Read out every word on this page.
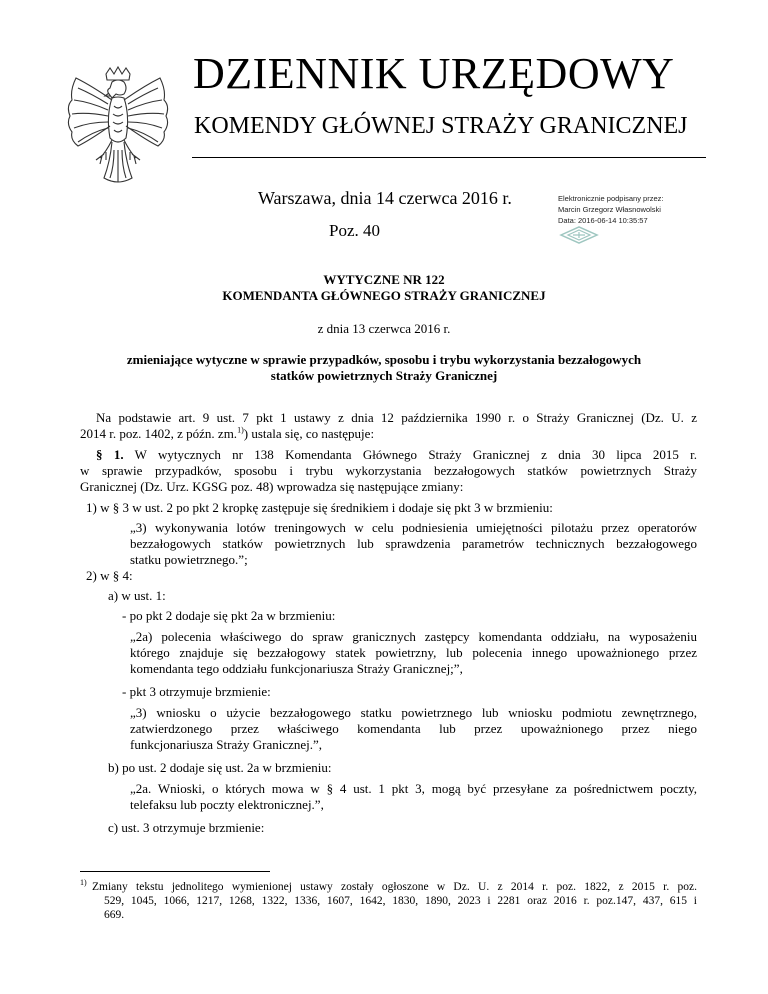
DZIENNIK URZĘDOWY
KOMENDY GŁÓWNEJ STRAŻY GRANICZNEJ
Warszawa, dnia 14 czerwca 2016 r.
Poz. 40
Elektronicznie podpisany przez:
Marcin Grzegorz Własnowolski
Data: 2016-06-14 10:35:57
WYTYCZNE NR 122
KOMENDANTA GŁÓWNEGO STRAŻY GRANICZNEJ
z dnia 13 czerwca 2016 r.
zmieniające wytyczne w sprawie przypadków, sposobu i trybu wykorzystania bezzałogowych
statków powietrznych Straży Granicznej
Na podstawie art. 9 ust. 7 pkt 1 ustawy z dnia 12 października 1990 r. o Straży Granicznej (Dz. U. z
2014 r. poz. 1402, z późn. zm.$^{1)}$) ustala się, co następuje:
§ 1. W wytycznych nr 138 Komendanta Głównego Straży Granicznej z dnia 30 lipca 2015 r.
w sprawie przypadków, sposobu i trybu wykorzystania bezzałogowych statków powietrznych Straży
Granicznej (Dz. Urz. KGSG poz. 48) wprowadza się następujące zmiany:
1) w § 3 w ust. 2 po pkt 2 kropkę zastępuje się średnikiem i dodaje się pkt 3 w brzmieniu:
„3) wykonywania lotów treningowych w celu podniesienia umiejętności pilotażu przez operatorów
bezzałogowych statków powietrznych lub sprawdzenia parametrów technicznych bezzałogowego
statku powietrznego.”;
2) w § 4:
a) w ust. 1:
- po pkt 2 dodaje się pkt 2a w brzmieniu:
„2a) polecenia właściwego do spraw granicznych zastępcy komendanta oddziału, na wyposażeniu
którego znajduje się bezzałogowy statek powietrzny, lub polecenia innego upoważnionego przez
komendanta tego oddziału funkcjonariusza Straży Granicznej;”,
- pkt 3 otrzymuje brzmienie:
„3) wniosku o użycie bezzałogowego statku powietrznego lub wniosku podmiotu zewnętrznego,
zatwierdzonego przez właściwego komendanta lub przez upoważnionego przez niego
funkcjonariusza Straży Granicznej.”,
b) po ust. 2 dodaje się ust. 2a w brzmieniu:
„2a. Wnioski, o których mowa w § 4 ust. 1 pkt 3, mogą być przesyłane za pośrednictwem poczty,
telefaksu lub poczty elektronicznej.”,
c) ust. 3 otrzymuje brzmienie:
$^{1)}$ Zmiany tekstu jednolitego wymienionej ustawy zostały ogłoszone w Dz. U. z 2014 r. poz. 1822, z 2015 r. poz.
529, 1045, 1066, 1217, 1268, 1322, 1336, 1607, 1642, 1830, 1890, 2023 i 2281 oraz 2016 r. poz.147, 437, 615 i
669.
